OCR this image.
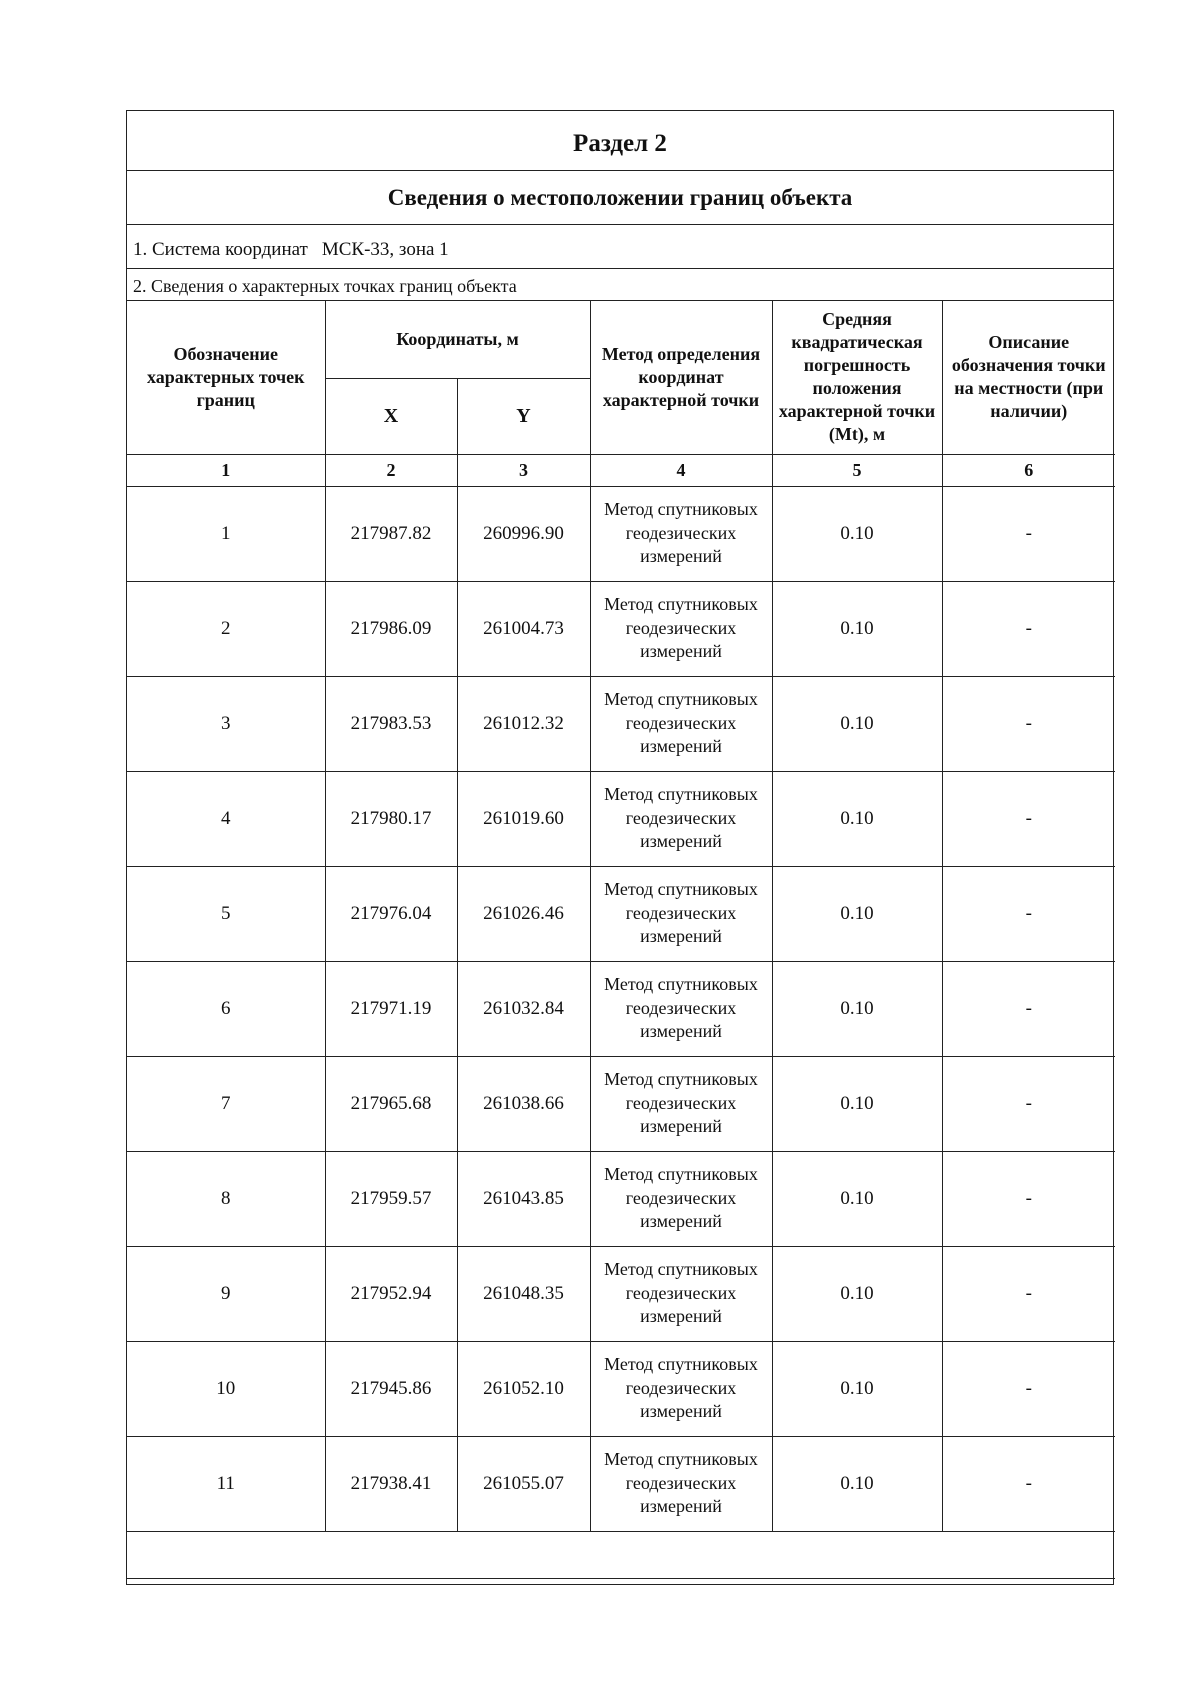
Раздел 2
Сведения о местоположении границ объекта
1. Система координат МСК-33, зона 1
2. Сведения о характерных точках границ объекта
Обозначение характерных точек границ	Координаты, м		Метод определения координат характерной точки	Средняя квадратическая погрешность положения характерной точки (Mt), м	Описание обозначения точки на местности (при наличии)
	X	Y			
1	2	3	4	5	6
1	217987.82	260996.90	Метод спутниковых геодезических измерений	0.10	-
2	217986.09	261004.73	Метод спутниковых геодезических измерений	0.10	-
3	217983.53	261012.32	Метод спутниковых геодезических измерений	0.10	-
4	217980.17	261019.60	Метод спутниковых геодезических измерений	0.10	-
5	217976.04	261026.46	Метод спутниковых геодезических измерений	0.10	-
6	217971.19	261032.84	Метод спутниковых геодезических измерений	0.10	-
7	217965.68	261038.66	Метод спутниковых геодезических измерений	0.10	-
8	217959.57	261043.85	Метод спутниковых геодезических измерений	0.10	-
9	217952.94	261048.35	Метод спутниковых геодезических измерений	0.10	-
10	217945.86	261052.10	Метод спутниковых геодезических измерений	0.10	-
11	217938.41	261055.07	Метод спутниковых геодезических измерений	0.10	-
